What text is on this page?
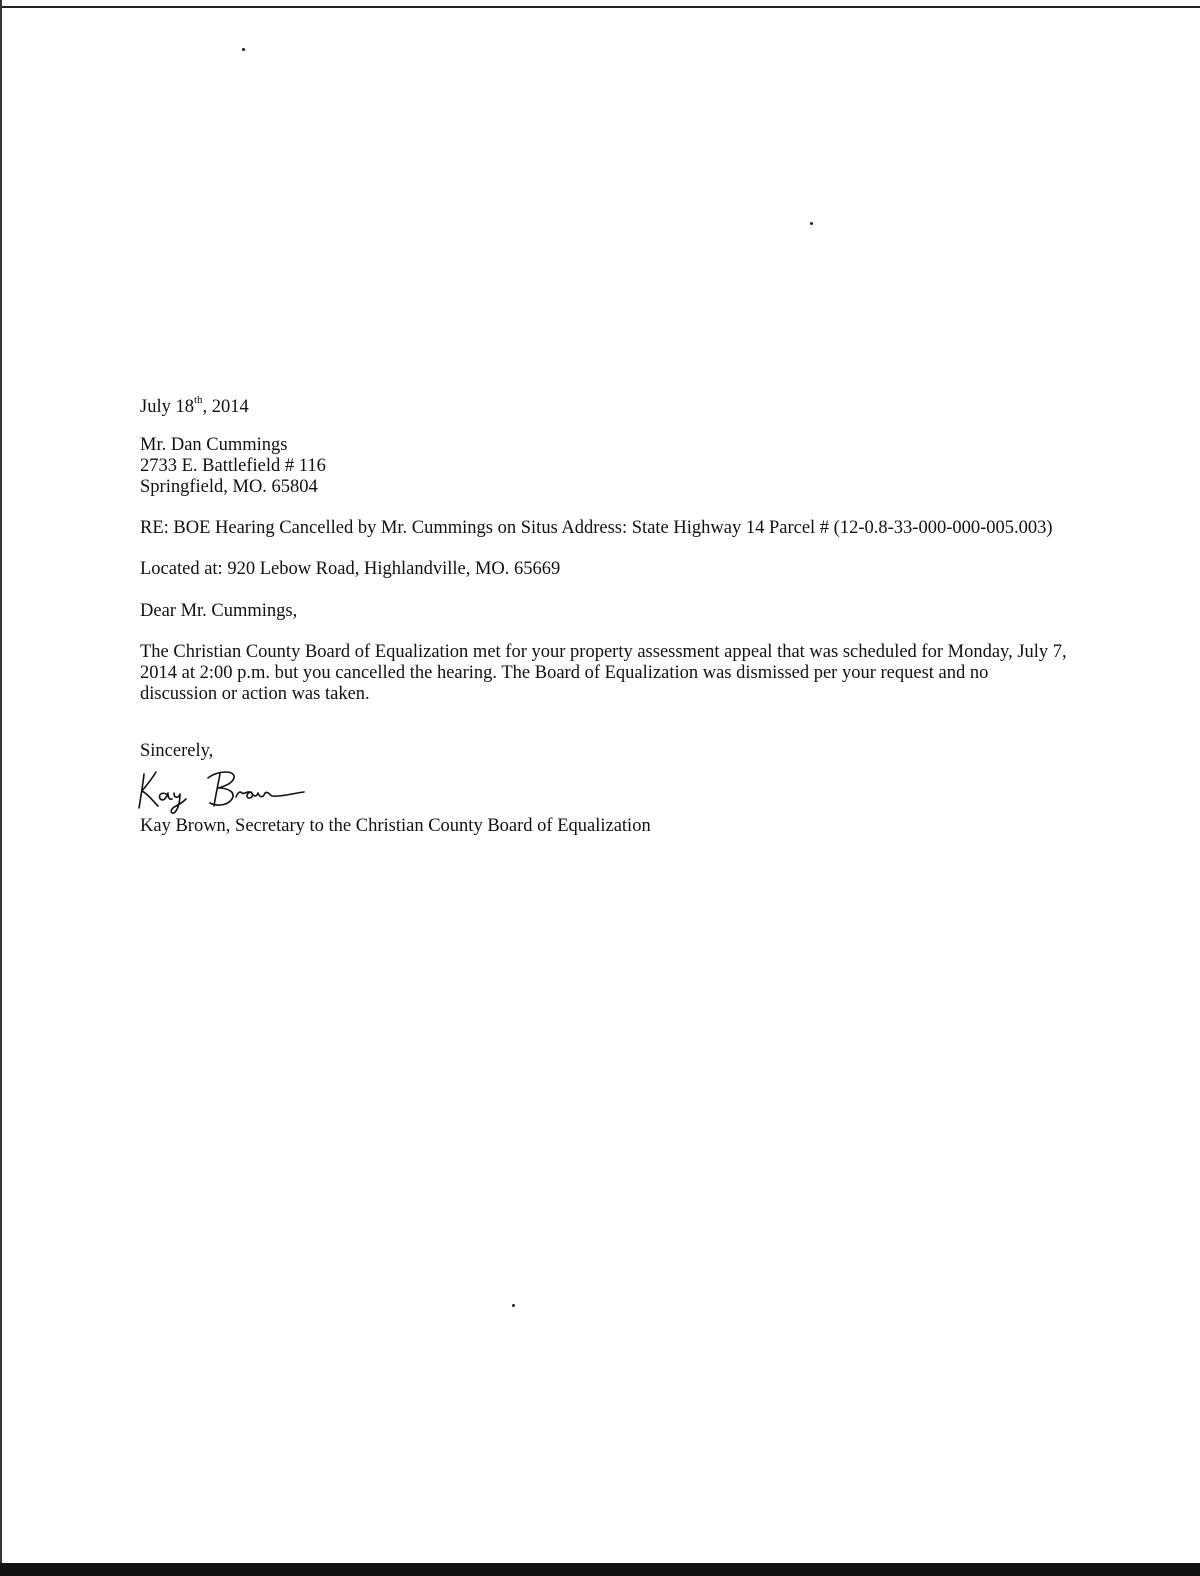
July 18th, 2014

Mr. Dan Cummings

2733 E. Battlefield # 116

Springfield, MO. 65804

RE: BOE Hearing Cancelled by Mr. Cummings on Situs Address: State Highway 14 Parcel # (12-0.8-33-000-000-005.003)

Located at: 920 Lebow Road, Highlandville, MO. 65669

Dear Mr. Cummings,

The Christian County Board of Equalization met for your property assessment appeal that was scheduled for Monday, July 7, 2014 at 2:00 p.m. but you cancelled the hearing. The Board of Equalization was dismissed per your request and no discussion or action was taken.

Sincerely,

Kay Brown, Secretary to the Christian County Board of Equalization
